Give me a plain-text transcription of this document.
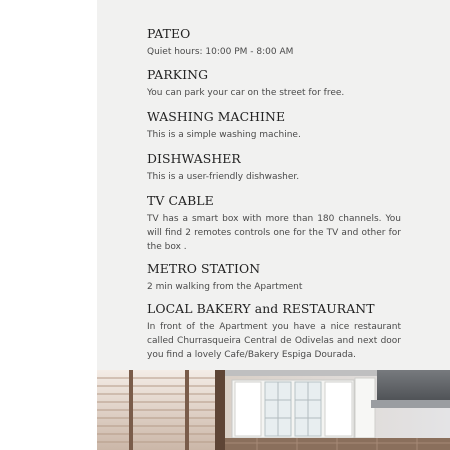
PATEO

Quiet hours: 10:00 PM - 8:00 AM

PARKING

You can park your car on the street for free.

WASHING MACHINE

This is a simple washing machine.

DISHWASHER

This is a user-friendly dishwasher.

TV CABLE

TV has a smart box with more than 180 channels. You will find 2 remotes controls one for the TV and other for the box .

METRO STATION

2 min walking from the Apartment

LOCAL BAKERY and RESTAURANT

In front of the Apartment you have a nice restaurant called Churrasqueira Central de Odivelas and next door you find a lovely Cafe/Bakery Espiga Dourada.
